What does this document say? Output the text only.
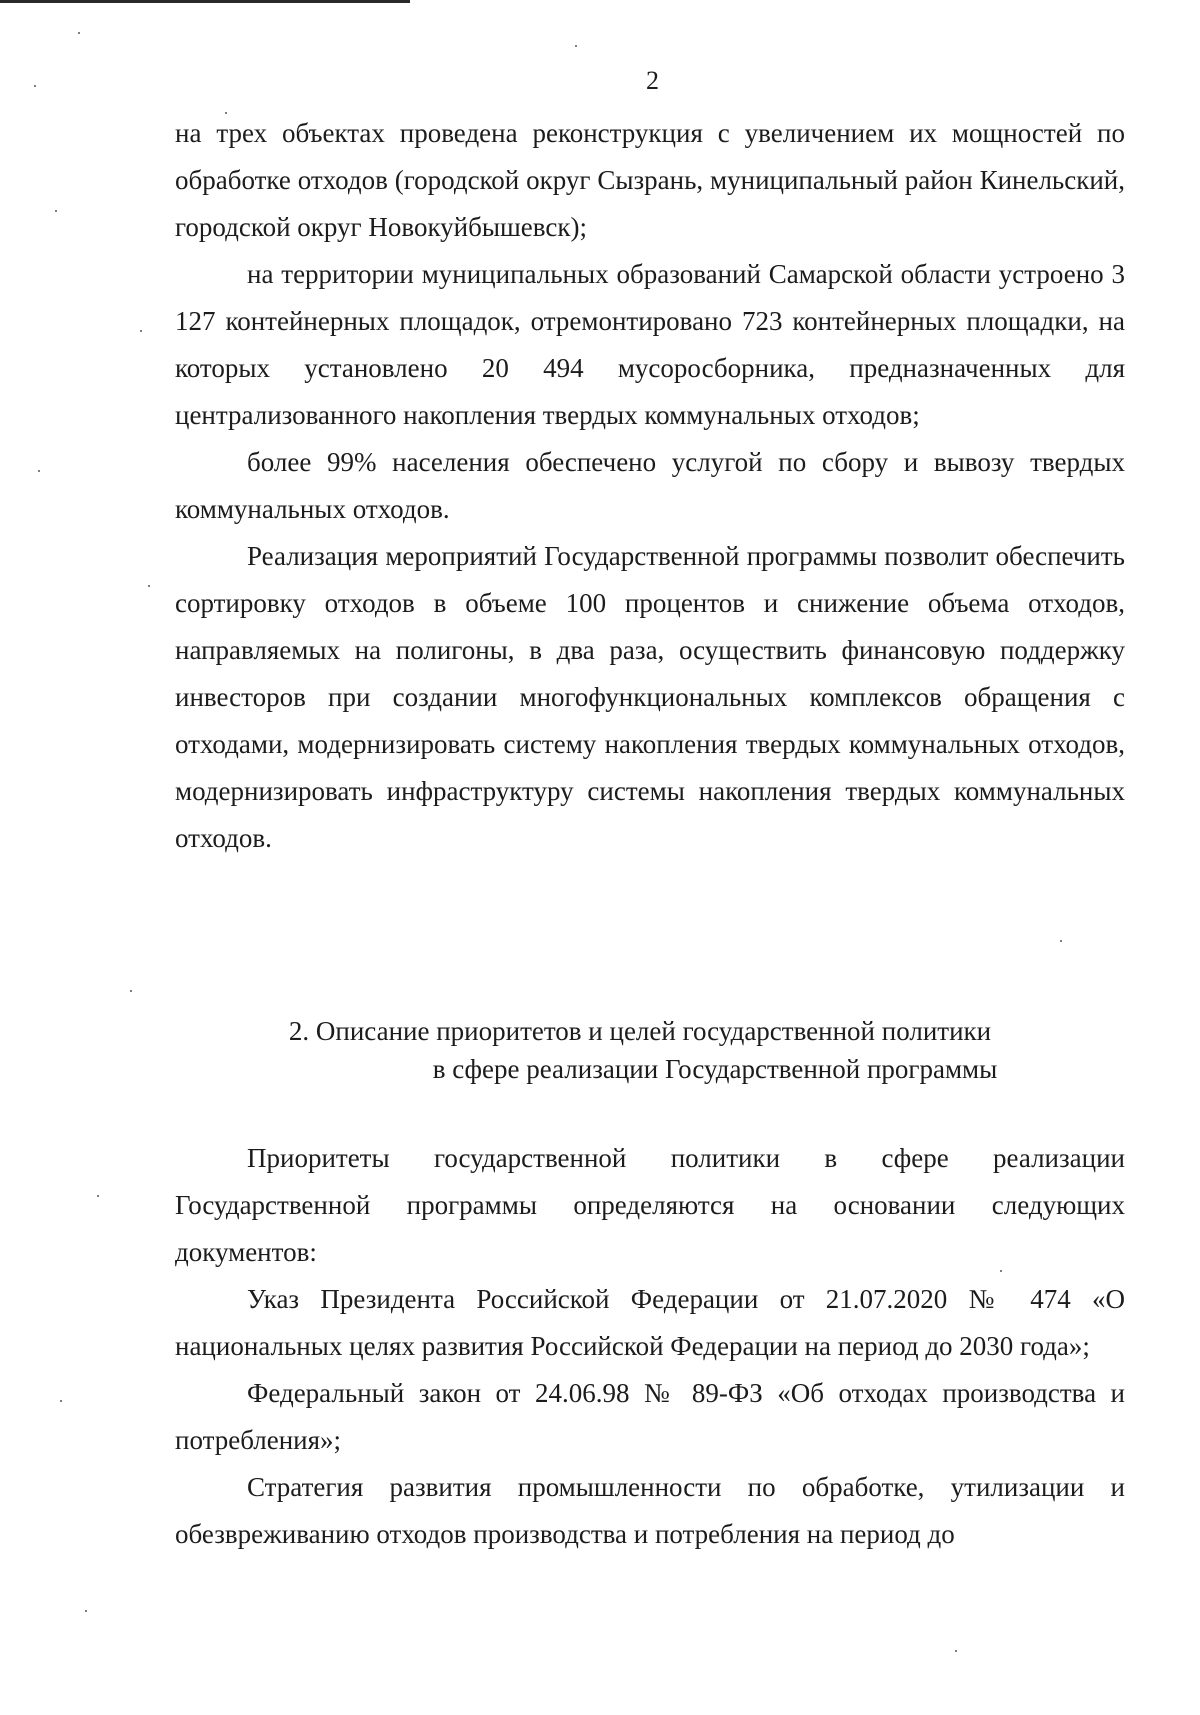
2

на трех объектах проведена реконструкция с увеличением их мощностей по обработке отходов (городской округ Сызрань, муниципальный район Кинельский, городской округ Новокуйбышевск);

на территории муниципальных образований Самарской области устроено 3 127 контейнерных площадок, отремонтировано 723 контейнерных площадки, на которых установлено 20 494 мусоросборника, предназначенных для централизованного накопления твердых коммунальных отходов;

более 99% населения обеспечено услугой по сбору и вывозу твердых коммунальных отходов.

Реализация мероприятий Государственной программы позволит обеспечить сортировку отходов в объеме 100 процентов и снижение объема отходов, направляемых на полигоны, в два раза, осуществить финансовую поддержку инвесторов при создании многофункциональных комплексов обращения с отходами, модернизировать систему накопления твердых коммунальных отходов, модернизировать инфраструктуру системы накопления твердых коммунальных отходов.

2. Описание приоритетов и целей государственной политики
в сфере реализации Государственной программы

Приоритеты государственной политики в сфере реализации Государственной программы определяются на основании следующих документов:

Указ Президента Российской Федерации от 21.07.2020 № 474 «О национальных целях развития Российской Федерации на период до 2030 года»;

Федеральный закон от 24.06.98 № 89-ФЗ «Об отходах производства и потребления»;

Стратегия развития промышленности по обработке, утилизации и обезвреживанию отходов производства и потребления на период до
